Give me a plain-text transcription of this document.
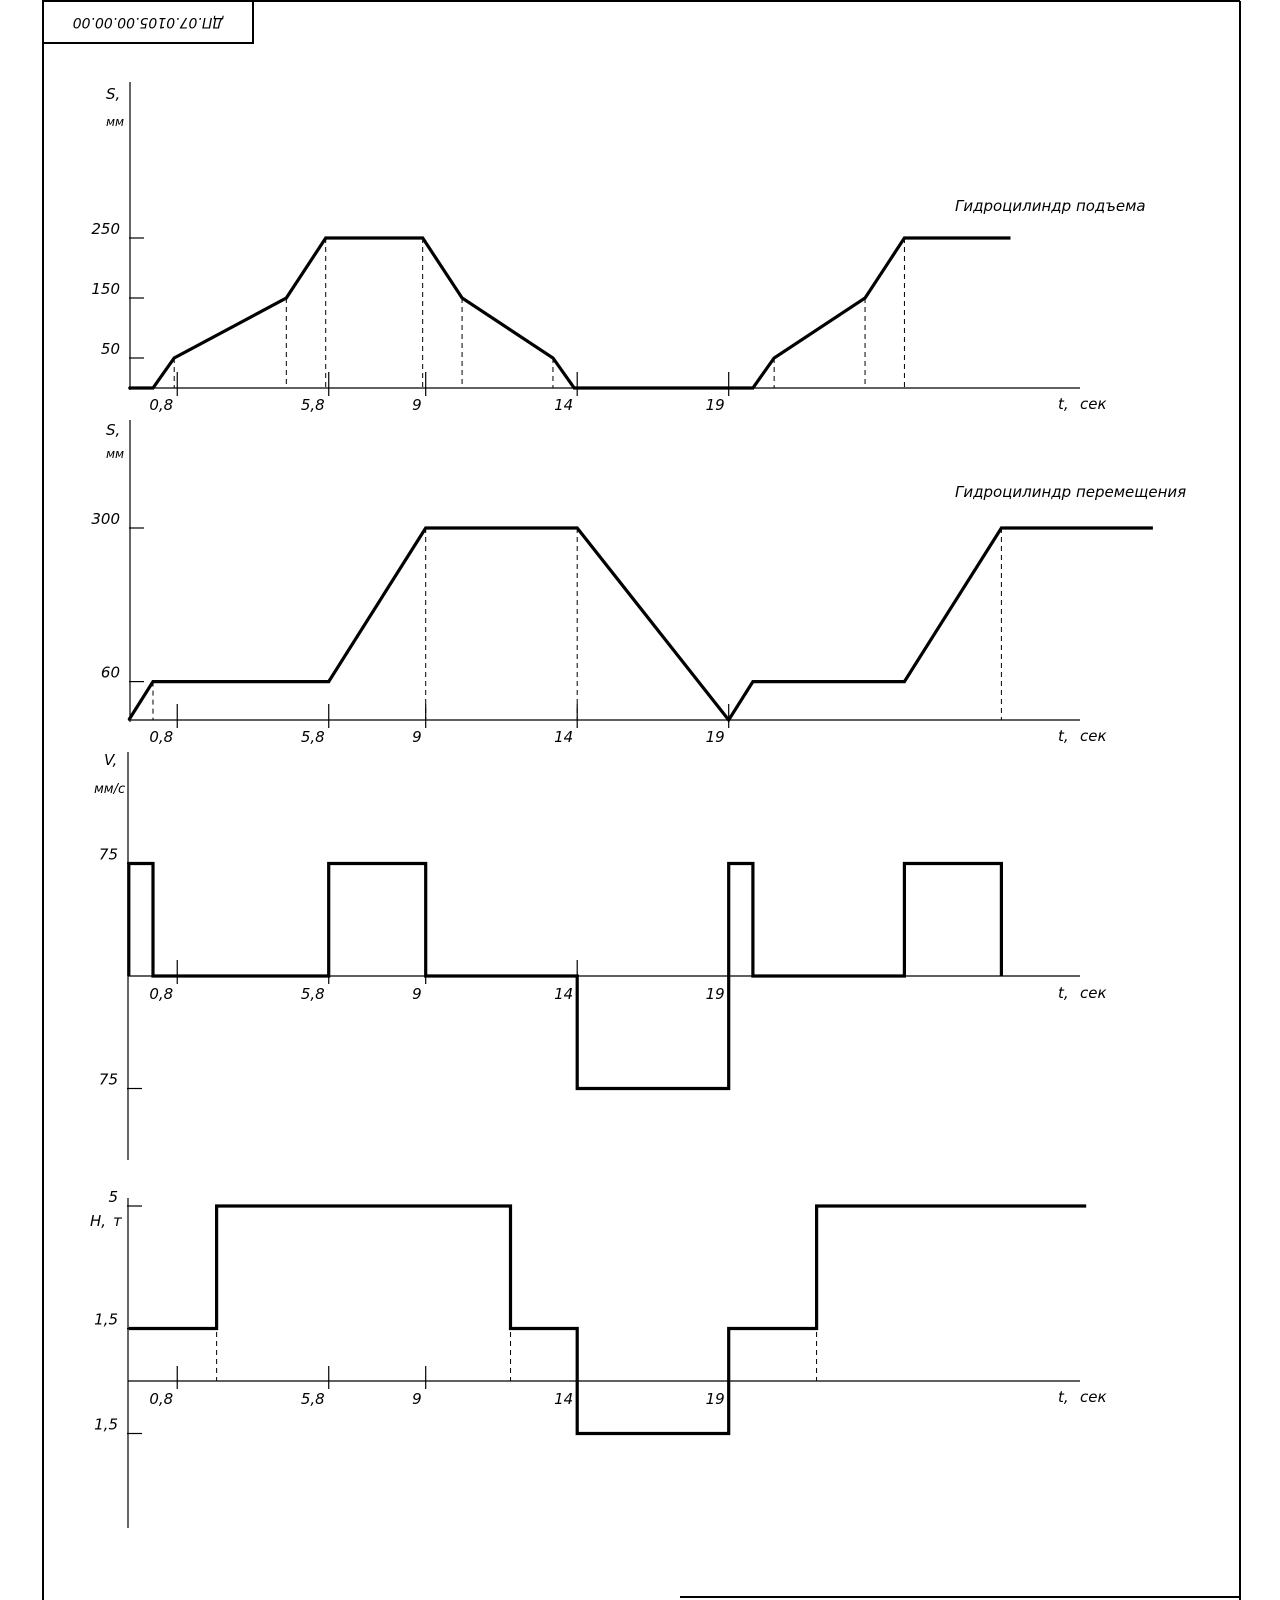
ДП.07.0105.00.00.00
S,
мм
t, сек
Гидроцилиндр подъема
250
150
50
0,8	5,8	9	14	19
S,
мм
t, сек
Гидроцилиндр перемещения
300
60
0,8	5,8	9	14	19
V,
мм/с
t, сек
75
75
0,8	5,8	9	14	19
H, т
t, сек
5
1,5
1,5
0,8	5,8	9	14	19
